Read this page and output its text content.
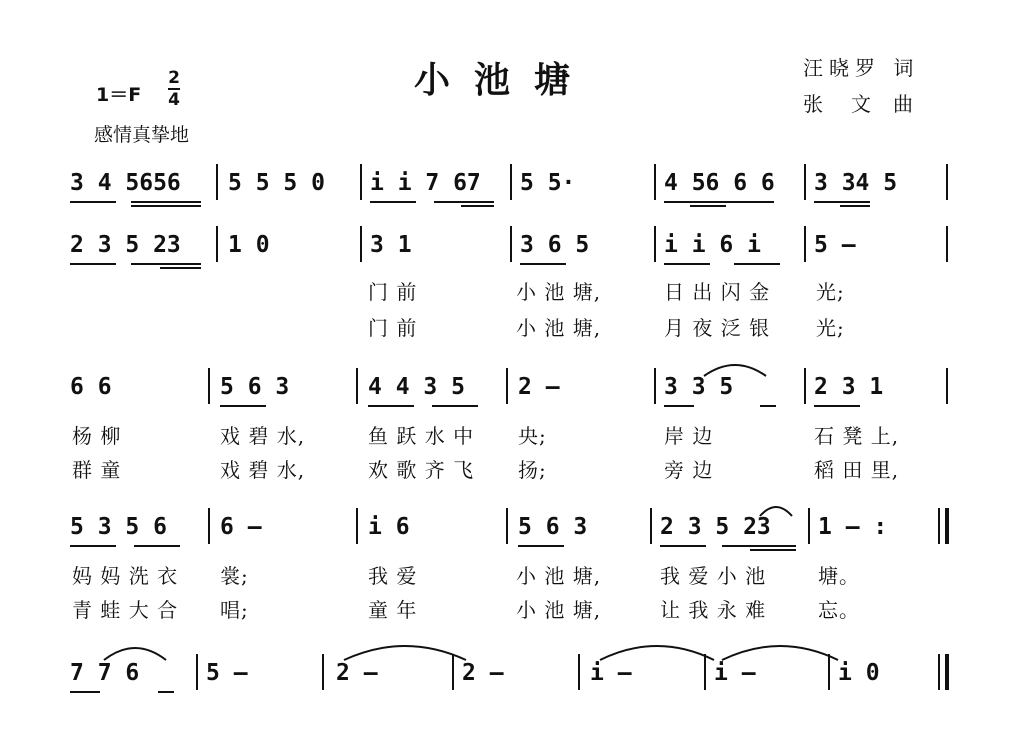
小池塘
1＝F
2
4
感情真挚地
汪晓罗 词
张 文曲
3 4 5656 5 5 5 0 i i 7 67 5 5·	4 56 6 6 3 34 5
2 3 5 23 1 0	3 1	3 6 5	i i 6 i 5 –
门 前	小 池 塘,	日 出 闪 金 光;
门 前	小 池 塘,	月 夜 泛 银 光;
6 6	5 6 3	4 4 3 5 2 –	3 3 5	2 3 1
杨 柳	戏 碧 水,	鱼 跃 水 中 央;	岸 边	石 凳 上,
群 童	戏 碧 水,	欢 歌 齐 飞 扬;	旁 边	稻 田 里,
5 3 5 6 6 –	i 6	5 6 3	2 3 5 23 1 – :
妈 妈 洗 衣 裳;	我 爱	小 池 塘,	我 爱 小 池	塘。
青 蛙 大 合 唱;	童 年	小 池 塘,	让 我 永 难	忘。
7 7 6	5 –	2 –	2 –	i –	i –	i 0
